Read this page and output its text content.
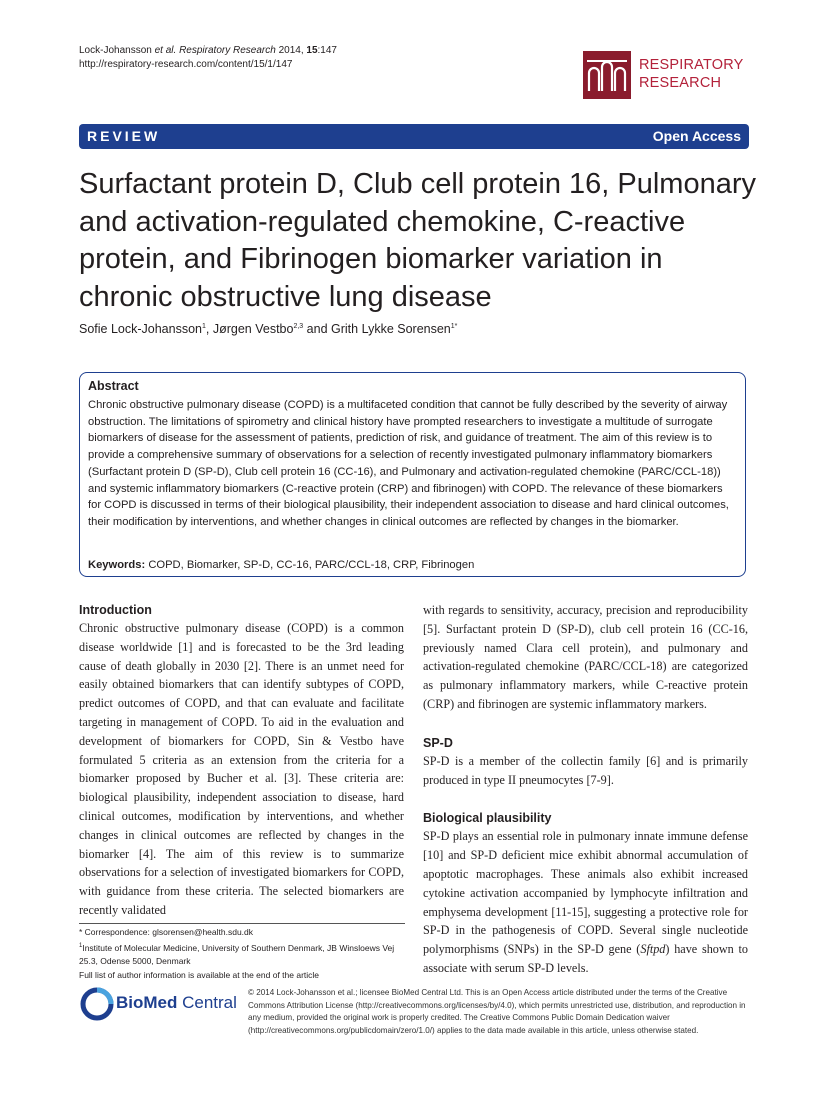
Lock-Johansson et al. Respiratory Research 2014, 15:147
http://respiratory-research.com/content/15/1/147	RESPIRATORY
RESEARCH
REVIEW	Open Access
Surfactant protein D, Club cell protein 16, Pulmonary and activation-regulated chemokine, C-reactive protein, and Fibrinogen biomarker variation in chronic obstructive lung disease
Sofie Lock-Johansson$^1$, Jørgen Vestbo$^{2,3}$ and Grith Lykke Sorensen$^{1*}$
Abstract

Chronic obstructive pulmonary disease (COPD) is a multifaceted condition that cannot be fully described by the severity of airway obstruction. The limitations of spirometry and clinical history have prompted researchers to investigate a multitude of surrogate biomarkers of disease for the assessment of patients, prediction of risk, and guidance of treatment. The aim of this review is to provide a comprehensive summary of observations for a selection of recently investigated pulmonary inflammatory biomarkers (Surfactant protein D (SP-D), Club cell protein 16 (CC-16), and Pulmonary and activation-regulated chemokine (PARC/CCL-18)) and systemic inflammatory biomarkers (C-reactive protein (CRP) and fibrinogen) with COPD. The relevance of these biomarkers for COPD is discussed in terms of their biological plausibility, their independent association to disease and hard clinical outcomes, their modification by interventions, and whether changes in clinical outcomes are reflected by changes in the biomarker.

Keywords: COPD, Biomarker, SP-D, CC-16, PARC/CCL-18, CRP, Fibrinogen
Introduction

Chronic obstructive pulmonary disease (COPD) is a common disease worldwide [1] and is forecasted to be the 3rd leading cause of death globally in 2030 [2]. There is an unmet need for easily obtained biomarkers that can identify subtypes of COPD, predict outcomes of COPD, and that can evaluate and facilitate targeting in management of COPD. To aid in the evaluation and development of biomarkers for COPD, Sin & Vestbo have formulated 5 criteria as an extension from the criteria for a biomarker proposed by Bucher et al. [3]. These criteria are: biological plausibility, independent association to disease, hard clinical outcomes, modification by interventions, and whether changes in clinical outcomes are reflected by changes in the biomarker [4]. The aim of this review is to summarize observations for a selection of investigated biomarkers for COPD, with guidance from these criteria. The selected biomarkers are recently validated

with regards to sensitivity, accuracy, precision and reproducibility [5]. Surfactant protein D (SP-D), club cell protein 16 (CC-16, previously named Clara cell protein), and pulmonary and activation-regulated chemokine (PARC/CCL-18) are categorized as pulmonary inflammatory markers, while C-reactive protein (CRP) and fibrinogen are systemic inflammatory markers.

SP-D

SP-D is a member of the collectin family [6] and is primarily produced in type II pneumocytes [7-9].

Biological plausibility

SP-D plays an essential role in pulmonary innate immune defense [10] and SP-D deficient mice exhibit abnormal accumulation of apoptotic macrophages. These animals also exhibit increased cytokine activation accompanied by lymphocyte infiltration and emphysema development [11-15], suggesting a protective role for SP-D in the pathogenesis of COPD. Several single nucleotide polymorphisms (SNPs) in the SP-D gene (Sftpd) have shown to associate with serum SP-D levels.

* Correspondence: glsorensen@health.sdu.dk
$^1$Institute of Molecular Medicine, University of Southern Denmark, JB Winsloews Vej 25.3, Odense 5000, Denmark
Full list of author information is available at the end of the article
BioMed Central
© 2014 Lock-Johansson et al.; licensee BioMed Central Ltd. This is an Open Access article distributed under the terms of the Creative Commons Attribution License (http://creativecommons.org/licenses/by/4.0), which permits unrestricted use, distribution, and reproduction in any medium, provided the original work is properly credited. The Creative Commons Public Domain Dedication waiver (http://creativecommons.org/publicdomain/zero/1.0/) applies to the data made available in this article, unless otherwise stated.
